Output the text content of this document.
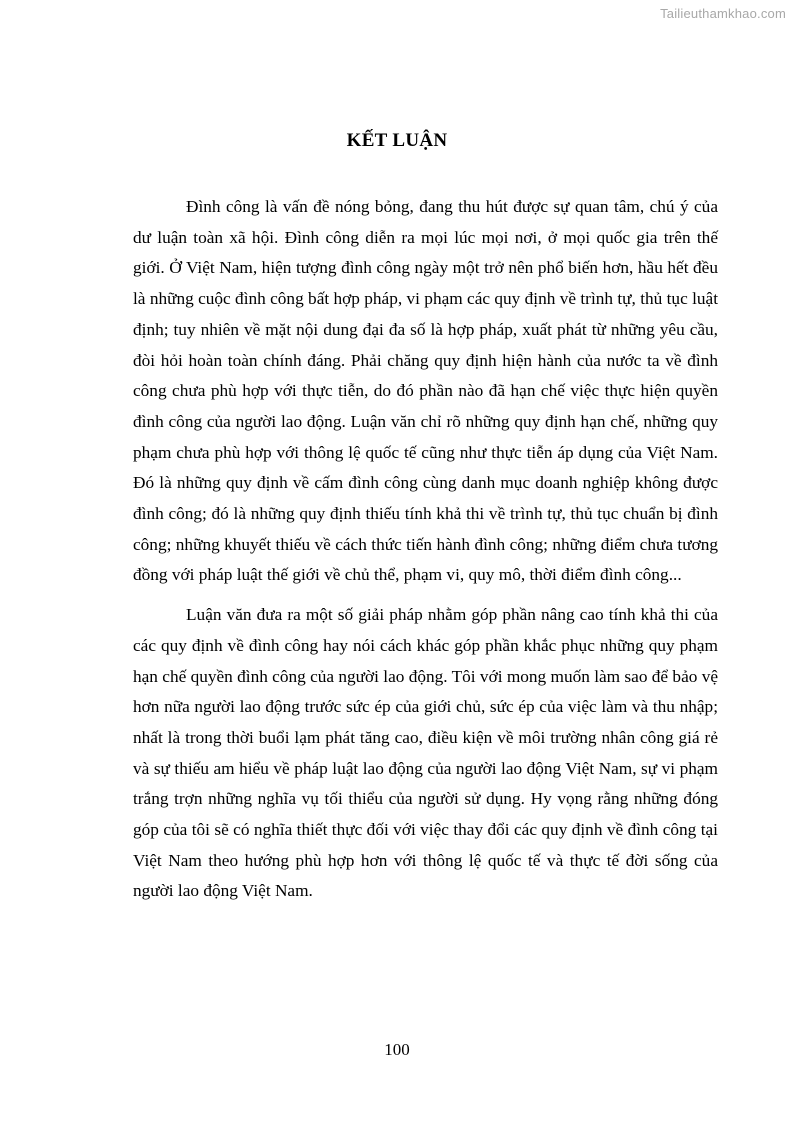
Tailieuthamkhao.com
KẾT LUẬN

Đình công là vấn đề nóng bỏng, đang thu hút được sự quan tâm, chú ý của dư luận toàn xã hội. Đình công diễn ra mọi lúc mọi nơi, ở mọi quốc gia trên thế giới. Ở Việt Nam, hiện tượng đình công ngày một trở nên phổ biến hơn, hầu hết đều là những cuộc đình công bất hợp pháp, vi phạm các quy định về trình tự, thủ tục luật định; tuy nhiên về mặt nội dung đại đa số là hợp pháp, xuất phát từ những yêu cầu, đòi hỏi hoàn toàn chính đáng. Phải chăng quy định hiện hành của nước ta về đình công chưa phù hợp với thực tiễn, do đó phần nào đã hạn chế việc thực hiện quyền đình công của người lao động. Luận văn chỉ rõ những quy định hạn chế, những quy phạm chưa phù hợp với thông lệ quốc tế cũng như thực tiễn áp dụng của Việt Nam. Đó là những quy định về cấm đình công cùng danh mục doanh nghiệp không được đình công; đó là những quy định thiếu tính khả thi về trình tự, thủ tục chuẩn bị đình công; những khuyết thiếu về cách thức tiến hành đình công; những điểm chưa tương đồng với pháp luật thế giới về chủ thể, phạm vi, quy mô, thời điểm đình công...

Luận văn đưa ra một số giải pháp nhằm góp phần nâng cao tính khả thi của các quy định về đình công hay nói cách khác góp phần khắc phục những quy phạm hạn chế quyền đình công của người lao động. Tôi với mong muốn làm sao để bảo vệ hơn nữa người lao động trước sức ép của giới chủ, sức ép của việc làm và thu nhập; nhất là trong thời buổi lạm phát tăng cao, điều kiện về môi trường nhân công giá rẻ và sự thiếu am hiểu về pháp luật lao động của người lao động Việt Nam, sự vi phạm trắng trợn những nghĩa vụ tối thiểu của người sử dụng. Hy vọng rằng những đóng góp của tôi sẽ có nghĩa thiết thực đối với việc thay đổi các quy định về đình công tại Việt Nam theo hướng phù hợp hơn với thông lệ quốc tế và thực tế đời sống của người lao động Việt Nam.

100
